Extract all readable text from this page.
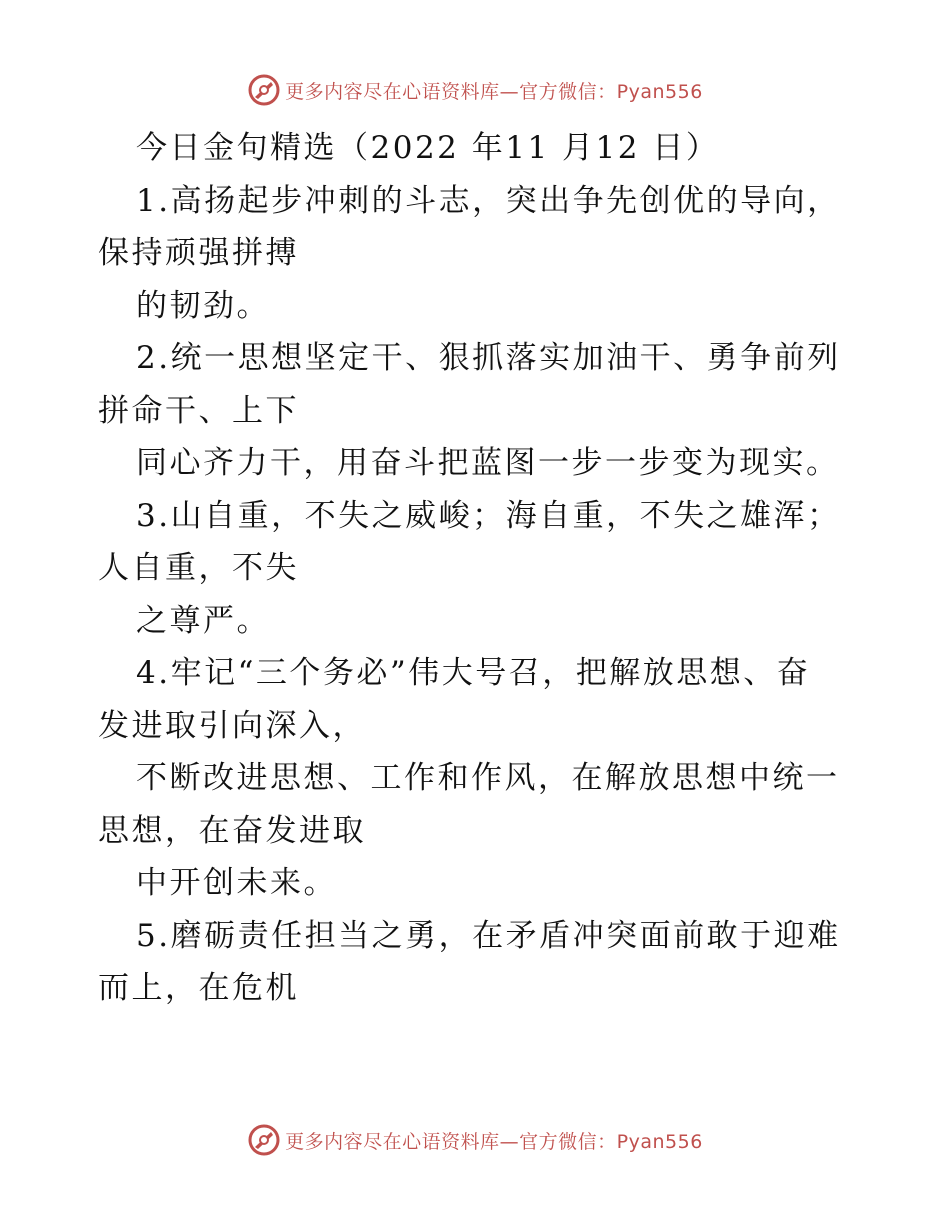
更多内容尽在心语资料库—官方微信：Pyan556
今日金句精选（2022 年11 月12 日）
1.高扬起步冲刺的斗志，突出争先创优的导向，
保持顽强拼搏
的韧劲。
2.统一思想坚定干、狠抓落实加油干、勇争前列
拼命干、上下
同心齐力干，用奋斗把蓝图一步一步变为现实。
3.山自重，不失之威峻；海自重，不失之雄浑；
人自重，不失
之尊严。
4.牢记“三个务必”伟大号召，把解放思想、奋
发进取引向深入，
不断改进思想、工作和作风，在解放思想中统一
思想，在奋发进取
中开创未来。
5.磨砺责任担当之勇，在矛盾冲突面前敢于迎难
而上，在危机
更多内容尽在心语资料库—官方微信：Pyan556
